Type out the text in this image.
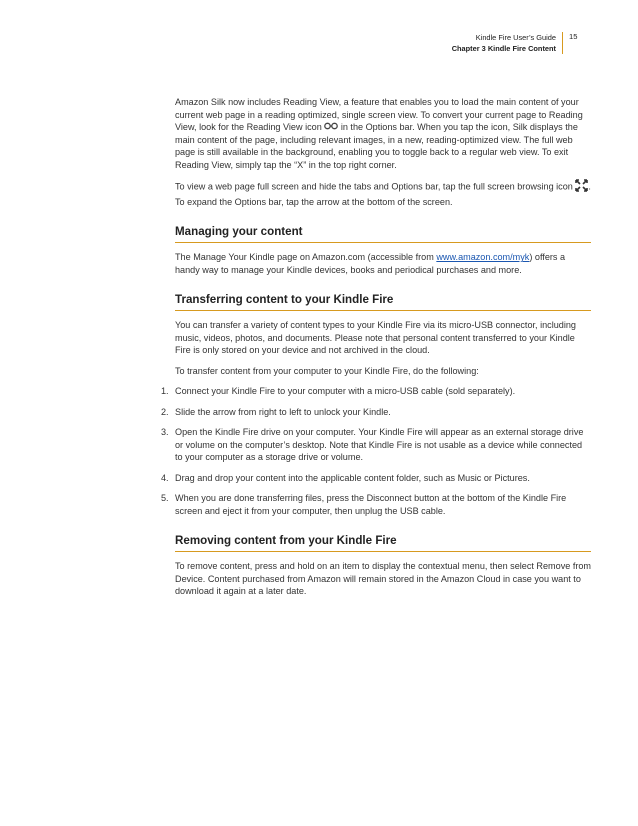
Kindle Fire User’s Guide
Chapter 3 Kindle Fire Content
15

Amazon Silk now includes Reading View, a feature that enables you to load the main content of your current web page in a reading optimized, single screen view. To convert your current page to Reading View, look for the Reading View icon  in the Options bar. When you tap the icon, Silk displays the main content of the page, including relevant images, in a new, reading-optimized view. The full web page is still available in the background, enabling you to toggle back to a regular web view. To exit Reading View, simply tap the “X” in the top right corner.

To view a web page full screen and hide the tabs and Options bar, tap the full screen browsing icon . To expand the Options bar, tap the arrow at the bottom of the screen.

Managing your content

The Manage Your Kindle page on Amazon.com (accessible from www.amazon.com/myk) offers a handy way to manage your Kindle devices, books and periodical purchases and more.

Transferring content to your Kindle Fire

You can transfer a variety of content types to your Kindle Fire via its micro-USB connector, including music, videos, photos, and documents. Please note that personal content transferred to your Kindle Fire is only stored on your device and not archived in the cloud.

To transfer content from your computer to your Kindle Fire, do the following:

1. Connect your Kindle Fire to your computer with a micro-USB cable (sold separately).
2. Slide the arrow from right to left to unlock your Kindle.
3. Open the Kindle Fire drive on your computer. Your Kindle Fire will appear as an external storage drive or volume on the computer’s desktop. Note that Kindle Fire is not usable as a device while connected to your computer as a storage drive or volume.
4. Drag and drop your content into the applicable content folder, such as Music or Pictures.
5. When you are done transferring files, press the Disconnect button at the bottom of the Kindle Fire screen and eject it from your computer, then unplug the USB cable.
Removing content from your Kindle Fire

To remove content, press and hold on an item to display the contextual menu, then select Remove from Device. Content purchased from Amazon will remain stored in the Amazon Cloud in case you want to download it again at a later date.
